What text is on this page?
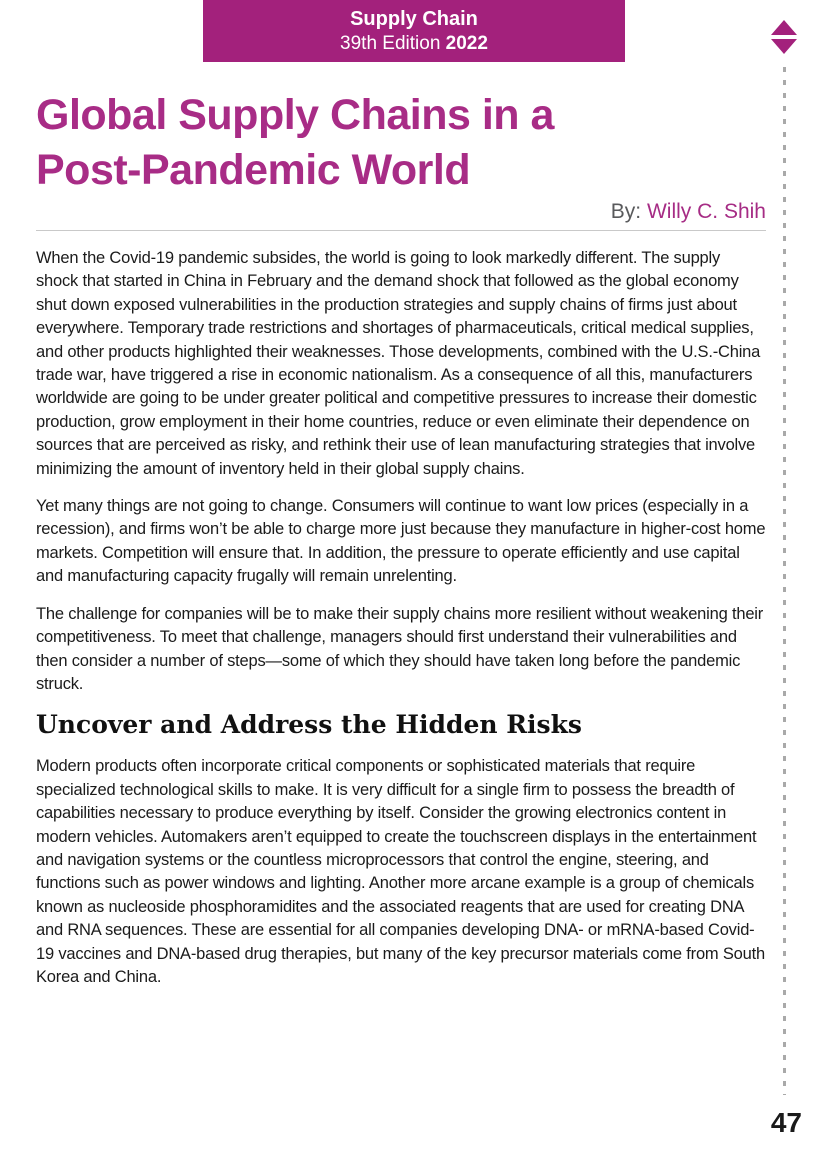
Supply Chain
39th Edition 2022
Global Supply Chains in a Post-Pandemic World
By: Willy C. Shih

When the Covid-19 pandemic subsides, the world is going to look markedly different. The supply shock that started in China in February and the demand shock that followed as the global economy shut down exposed vulnerabilities in the production strategies and supply chains of firms just about everywhere. Temporary trade restrictions and shortages of pharmaceuticals, critical medical supplies, and other products highlighted their weaknesses. Those developments, combined with the U.S.-China trade war, have triggered a rise in economic nationalism. As a consequence of all this, manufacturers worldwide are going to be under greater political and competitive pressures to increase their domestic production, grow employment in their home countries, reduce or even eliminate their dependence on sources that are perceived as risky, and rethink their use of lean manufacturing strategies that involve minimizing the amount of inventory held in their global supply chains.

Yet many things are not going to change. Consumers will continue to want low prices (especially in a recession), and firms won’t be able to charge more just because they manufacture in higher-cost home markets. Competition will ensure that. In addition, the pressure to operate efficiently and use capital and manufacturing capacity frugally will remain unrelenting.

The challenge for companies will be to make their supply chains more resilient without weakening their competitiveness. To meet that challenge, managers should first understand their vulnerabilities and then consider a number of steps—some of which they should have taken long before the pandemic struck.

Uncover and Address the Hidden Risks

Modern products often incorporate critical components or sophisticated materials that require specialized technological skills to make. It is very difficult for a single firm to possess the breadth of capabilities necessary to produce everything by itself. Consider the growing electronics content in modern vehicles. Automakers aren’t equipped to create the touchscreen displays in the entertainment and navigation systems or the countless microprocessors that control the engine, steering, and functions such as power windows and lighting. Another more arcane example is a group of chemicals known as nucleoside phosphoramidites and the associated reagents that are used for creating DNA and RNA sequences. These are essential for all companies developing DNA- or mRNA-based Covid-19 vaccines and DNA-based drug therapies, but many of the key precursor materials come from South Korea and China.

47
